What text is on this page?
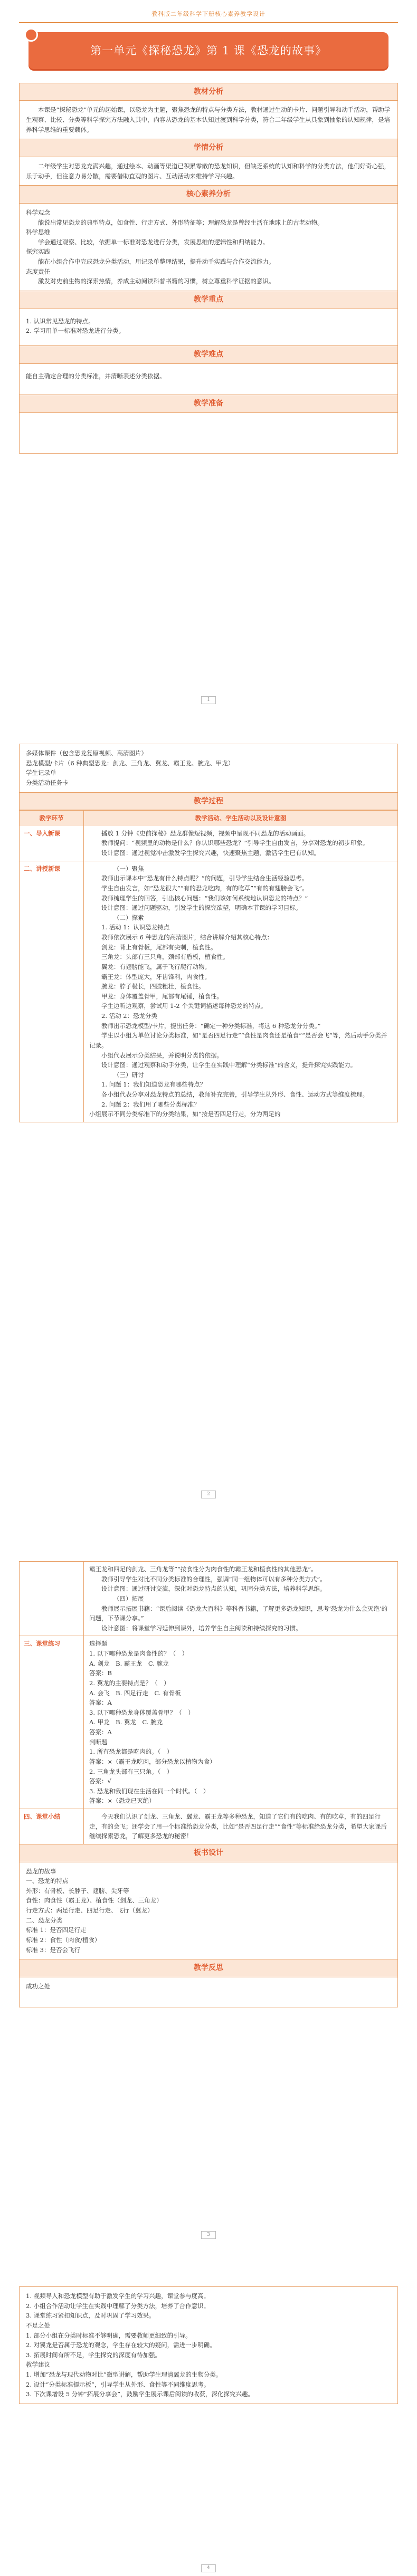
教科版二年级科学下册核心素养教学设计
第一单元《探秘恐龙》第 1 课《恐龙的故事》
教材分析

本课是“探秘恐龙”单元的起始课，以恐龙为主题，聚焦恐龙的特点与分类方法，教材通过生动的卡片、问题引导和动手活动，帮助学生观察、比较、分类等科学探究方法融入其中，内容从恐龙的基本认知过渡到科学分类，符合二年级学生从具象到抽象的认知规律，是培养科学思维的重要载体。

学情分析

二年级学生对恐龙充满兴趣，通过绘本、动画等渠道已积累零散的恐龙知识，但缺乏系统的认知和科学的分类方法，他们好奇心强，乐于动手，但注意力易分散，需要借助直观的图片、互动活动来维持学习兴趣。

核心素养分析

科学观念

能说出常见恐龙的典型特点，如食性、行走方式、外形特征等；理解恐龙是曾经生活在地球上的古老动物。

科学思维

学会通过观察、比较，依据单一标准对恐龙进行分类，发展思维的逻辑性和归纳能力。

探究实践

能在小组合作中完成恐龙分类活动，用记录单整理结果，提升动手实践与合作交流能力。

态度责任

激发对史前生物的探索热情，养成主动阅读科普书籍的习惯，树立尊重科学证据的意识。

教学重点

1. 认识常见恐龙的特点。

2. 学习用单一标准对恐龙进行分类。

教学难点

能自主确定合理的分类标准，并清晰表述分类依据。

教学准备
1

多媒体课件（包含恐龙复原视频、高清图片）

恐龙模型/卡片（6 种典型恐龙：剑龙、三角龙、翼龙、霸王龙、腕龙、甲龙）

学生记录单

分类活动任务卡

教学过程
教学环节	教学活动、学生活动以及设计意图
一、导入新课	播放 1 分钟《史前探秘》恐龙群像短视频，视频中呈现不同恐龙的活动画面。

教师提问：“视频里的动物是什么？你认识哪些恐龙？”引导学生自由发言，分享对恐龙的初步印象。

设计意图：通过视觉冲击激发学生探究兴趣，快速聚焦主题，激活学生已有认知。

二、讲授新课	（一）聚焦

教师出示课本中“恐龙有什么特点呢？”的问题，引导学生结合生活经验思考。

学生自由发言，如“恐龙很大”“有的恐龙吃肉，有的吃草”“有的有翅膀会飞”。

教师梳理学生的回答，引出核心问题：“我们该如何系统地认识恐龙的特点？”

设计意图：通过问题驱动，引发学生的探究欲望，明确本节课的学习目标。

（二）探索

1. 活动 1：认识恐龙特点

教师依次展示 6 种恐龙的高清图片，结合讲解介绍其核心特点：

剑龙：背上有骨板，尾部有尖刺，植食性。

三角龙：头部有三只角，颈部有盾板，植食性。

翼龙：有翅膀能飞，属于飞行爬行动物。

霸王龙：体型庞大，牙齿锋利，肉食性。

腕龙：脖子极长，四肢粗壮，植食性。

甲龙：身体覆盖骨甲，尾部有尾锤，植食性。

学生边听边观察，尝试用 1-2 个关键词描述每种恐龙的特点。

2. 活动 2：恐龙分类

教师出示恐龙模型/卡片，提出任务：“确定一种分类标准，将这 6 种恐龙分分类。”

学生以小组为单位讨论分类标准，如“是否四足行走”“食性是肉食还是植食”“是否会飞”等，然后动手分类并记录。

小组代表展示分类结果，并说明分类的依据。

设计意图：通过观察和动手分类，让学生在实践中理解“分类标准”的含义，提升探究实践能力。

（三）研讨

1. 问题 1：我们知道恐龙有哪些特点？

各小组代表分享对恐龙特点的总结，教师补充完善，引导学生从外形、食性、运动方式等维度梳理。

2. 问题 2：我们用了哪些分类标准？

小组展示不同分类标准下的分类结果，如“按是否四足行走，分为两足的

2

霸王龙和四足的剑龙、三角龙等”“按食性分为肉食性的霸王龙和植食性的其他恐龙”。

教师引导学生对比不同分类标准的合理性，强调“同一组物体可以有多种分类方式”。

设计意图：通过研讨交流，深化对恐龙特点的认知，巩固分类方法，培养科学思维。

（四）拓展

教师展示拓展书籍：“课后阅读《恐龙大百科》等科普书籍，了解更多恐龙知识，思考‘恐龙为什么会灭绝’的问题，下节课分享。”

设计意图：将课堂学习延伸到课外，培养学生自主阅读和持续探究的习惯。

三、课堂练习	选择题

1. 以下哪种恐龙是肉食性的？（　）

A. 剑龙　B. 霸王龙　C. 腕龙

答案：B

2. 翼龙的主要特点是？（　）

A. 会飞　B. 四足行走　C. 有骨板

答案：A

3. 以下哪种恐龙身体覆盖骨甲？（　）

A. 甲龙　B. 翼龙　C. 腕龙

答案：A

判断题

1. 所有恐龙都是吃肉的。（　）

答案：×（霸王龙吃肉，部分恐龙以植物为食）

2. 三角龙头部有三只角。（　）

答案：√

3. 恐龙和我们现在生活在同一个时代。（　）

答案：×（恐龙已灭绝）

四、课堂小结	今天我们认识了剑龙、三角龙、翼龙、霸王龙等多种恐龙，知道了它们有的吃肉、有的吃草，有的四足行走，有的会飞；还学会了用一个标准给恐龙分类，比如“是否四足行走”“食性”等标准给恐龙分类，希望大家课后继续探索恐龙，了解更多恐龙的秘密！

板书设计

恐龙的故事

一、恐龙的特点

外形：有骨板、长脖子、翅膀、尖牙等

食性：肉食性（霸王龙）、植食性（剑龙、三角龙）

行走方式：两足行走、四足行走、飞行（翼龙）

二、恐龙分类

标准 1：是否四足行走

标准 2：食性（肉食/植食）

标准 3：是否会飞行

教学反思

成功之处

3

1. 视频导入和恐龙模型有助于激发学生的学习兴趣，课堂参与度高。

2. 小组合作活动让学生在实践中理解了分类方法，培养了合作意识。

3. 课堂练习紧扣知识点，及时巩固了学习效果。

不足之处

1. 部分小组在分类时标准不够明确，需要教师更细致的引导。

2. 对翼龙是否属于恐龙的观念，学生存在较大的疑问，需进一步明确。

3. 拓展时间有所不足，学生探究的深度有待加强。

教学建议

1. 增加“恐龙与现代动物对比”微型讲解，帮助学生理清翼龙的生物分类。

2. 设计“分类标准提示板”，引导学生从外形、食性等不同维度思考。

3. 下次课增设 5 分钟“拓展分享会”，鼓励学生展示课后阅读的收获，深化探究兴趣。

4
